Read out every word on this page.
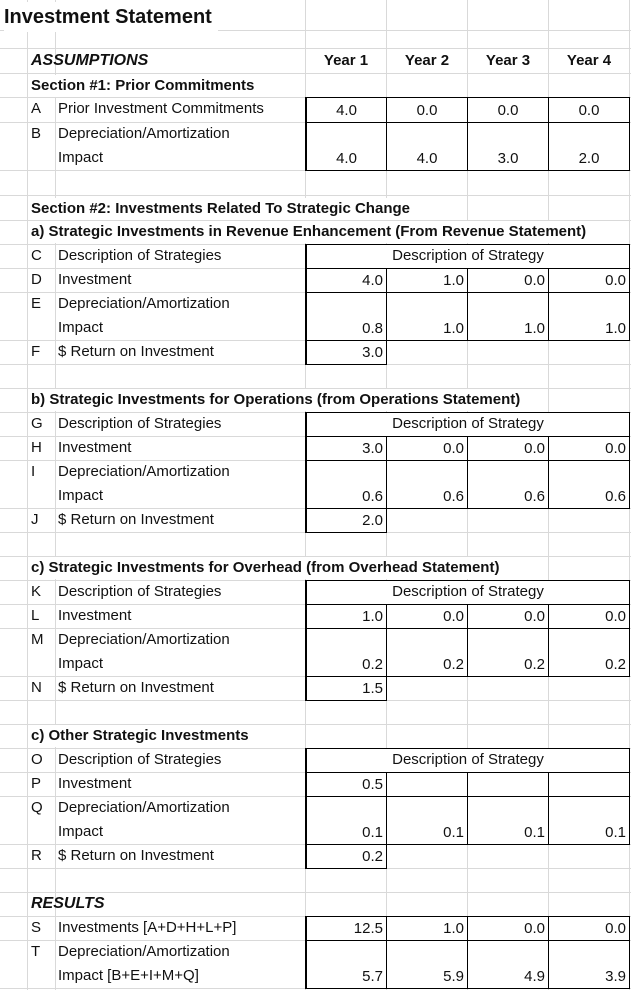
Investment Statement
ASSUMPTIONS	Year 1	Year 2	Year 3	Year 4
Section #1: Prior Commitments
A	Prior Investment Commitments	4.0	0.0	0.0	0.0
B	Depreciation/Amortization
Impact	4.0	4.0	3.0	2.0
Section #2: Investments Related To Strategic Change
a) Strategic Investments in Revenue Enhancement (From Revenue Statement)
C	Description of Strategies	Description of Strategy
D	Investment	4.0	1.0	0.0	0.0
E	Depreciation/Amortization
Impact	0.8	1.0	1.0	1.0
F	$ Return on Investment	3.0
b) Strategic Investments for Operations (from Operations Statement)
G	Description of Strategies	Description of Strategy
H	Investment	3.0	0.0	0.0	0.0
I	Depreciation/Amortization
Impact	0.6	0.6	0.6	0.6
J	$ Return on Investment	2.0
c) Strategic Investments for Overhead (from Overhead Statement)
K	Description of Strategies	Description of Strategy
L	Investment	1.0	0.0	0.0	0.0
M Depreciation/Amortization
Impact	0.2	0.2	0.2	0.2
N	$ Return on Investment	1.5
c) Other Strategic Investments
O	Description of Strategies	Description of Strategy
P	Investment	0.5
Q	Depreciation/Amortization
Impact	0.1	0.1	0.1	0.1
R	$ Return on Investment	0.2
RESULTS
S	Investments [A+D+H+L+P]	12.5	1.0	0.0	0.0
T	Depreciation/Amortization
Impact [B+E+I+M+Q]	5.7	5.9	4.9	3.9
